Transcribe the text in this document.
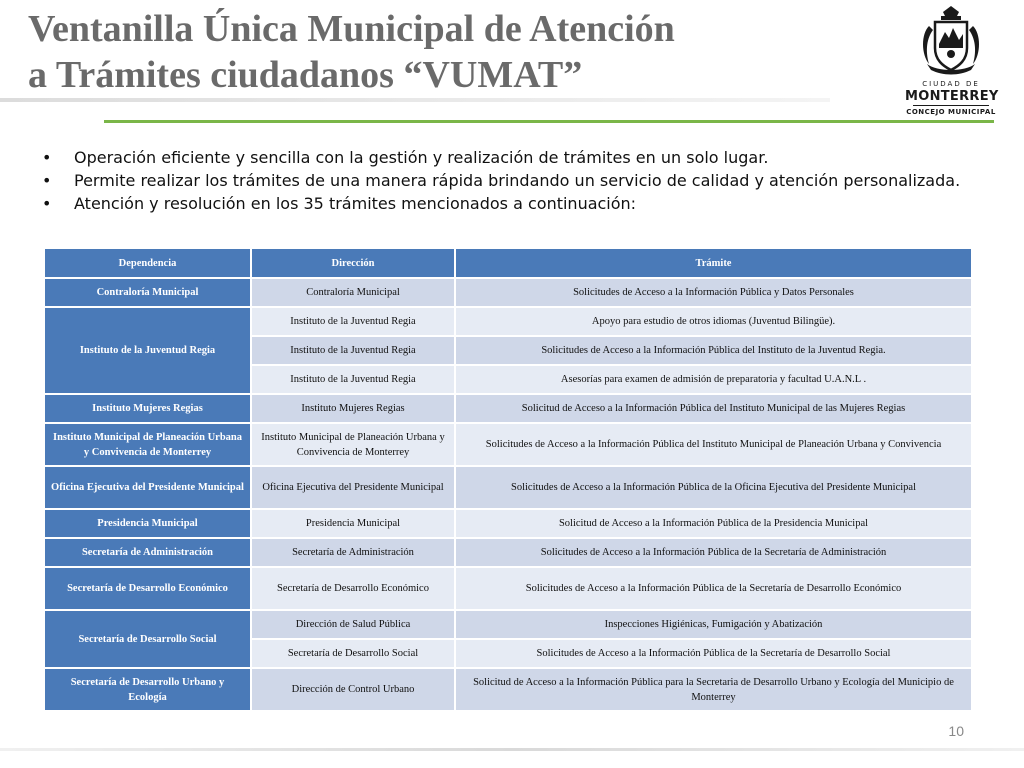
Ventanilla Única Municipal de Atención
a Trámites ciudadanos “VUMAT”	CIUDAD DE
MONTERREY
CONCEJO MUNICIPAL
• Operación eficiente y sencilla con la gestión y realización de trámites en un solo lugar.
• Permite realizar los trámites de una manera rápida brindando un servicio de calidad y atención personalizada.
• Atención y resolución en los 35 trámites mencionados a continuación:
Dependencia	Dirección	Trámite
Contraloría Municipal	Contraloría Municipal	Solicitudes de Acceso a la Información Pública y Datos Personales
Instituto de la Juventud Regia	Instituto de la Juventud Regia	Apoyo para estudio de otros idiomas (Juventud Bilingüe).
	Instituto de la Juventud Regia	Solicitudes de Acceso a la Información Pública del Instituto de la Juventud Regia.
	Instituto de la Juventud Regia	Asesorías para examen de admisión de preparatoria y facultad U.A.N.L .
Instituto Mujeres Regias	Instituto Mujeres Regias	Solicitud de Acceso a la Información Pública del Instituto Municipal de las Mujeres Regias
Instituto Municipal de Planeación Urbana y Convivencia de Monterrey	Instituto Municipal de Planeación Urbana y Convivencia de Monterrey	Solicitudes de Acceso a la Información Pública del Instituto Municipal de Planeación Urbana y Convivencia
Oficina Ejecutiva del Presidente Municipal	Oficina Ejecutiva del Presidente Municipal	Solicitudes de Acceso a la Información Pública de la Oficina Ejecutiva del Presidente Municipal
Presidencia Municipal	Presidencia Municipal	Solicitud de Acceso a la Información Pública de la Presidencia Municipal
Secretaría de Administración	Secretaría de Administración	Solicitudes de Acceso a la Información Pública de la Secretaría de Administración
Secretaría de Desarrollo Económico	Secretaría de Desarrollo Económico	Solicitudes de Acceso a la Información Pública de la Secretaría de Desarrollo Económico
Secretaría de Desarrollo Social	Dirección de Salud Pública	Inspecciones Higiénicas, Fumigación y Abatización
	Secretaría de Desarrollo Social	Solicitudes de Acceso a la Información Pública de la Secretaría de Desarrollo Social
Secretaría de Desarrollo Urbano y Ecología	Dirección de Control Urbano	Solicitud de Acceso a la Información Pública para la Secretaria de Desarrollo Urbano y Ecología del Municipio de Monterrey
10
